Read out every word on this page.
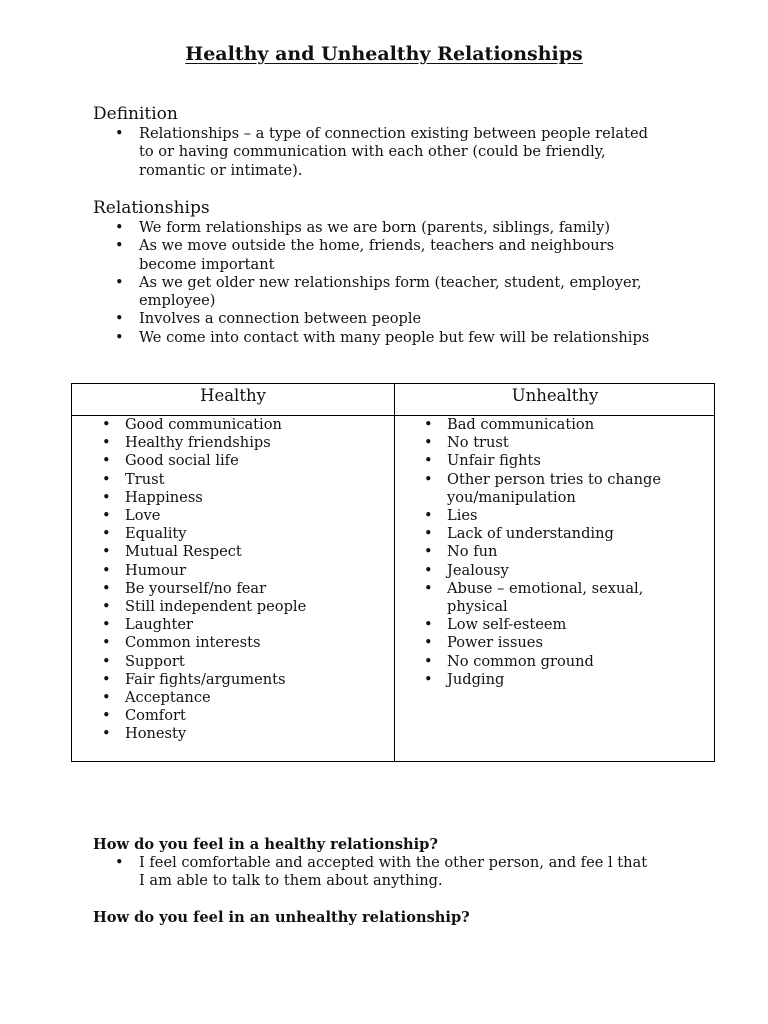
Healthy and Unhealthy Relationships
Definition
• Relationships – a type of connection existing between people related to or having communication with each other (could be friendly, romantic or intimate).
Relationships
• We form relationships as we are born (parents, siblings, family)
• As we move outside the home, friends, teachers and neighbours become important
• As we get older new relationships form (teacher, student, employer, employee)
• Involves a connection between people
• We come into contact with many people but few will be relationships
Healthy	Unhealthy
• Good communication
• Healthy friendships
• Good social life
• Trust
• Happiness
• Love
• Equality
• Mutual Respect
• Humour
• Be yourself/no fear
• Still independent people
• Laughter
• Common interests
• Support
• Fair fights/arguments
• Acceptance
• Comfort
• Honesty
• Bad communication
• No trust
• Unfair fights
• Other person tries to change you/manipulation
• Lies
• Lack of understanding
• No fun
• Jealousy
• Abuse – emotional, sexual, physical
• Low self-esteem
• Power issues
• No common ground
• Judging

How do you feel in a healthy relationship?

• I feel comfortable and accepted with the other person, and fee l that I am able to talk to them about anything.

How do you feel in an unhealthy relationship?
